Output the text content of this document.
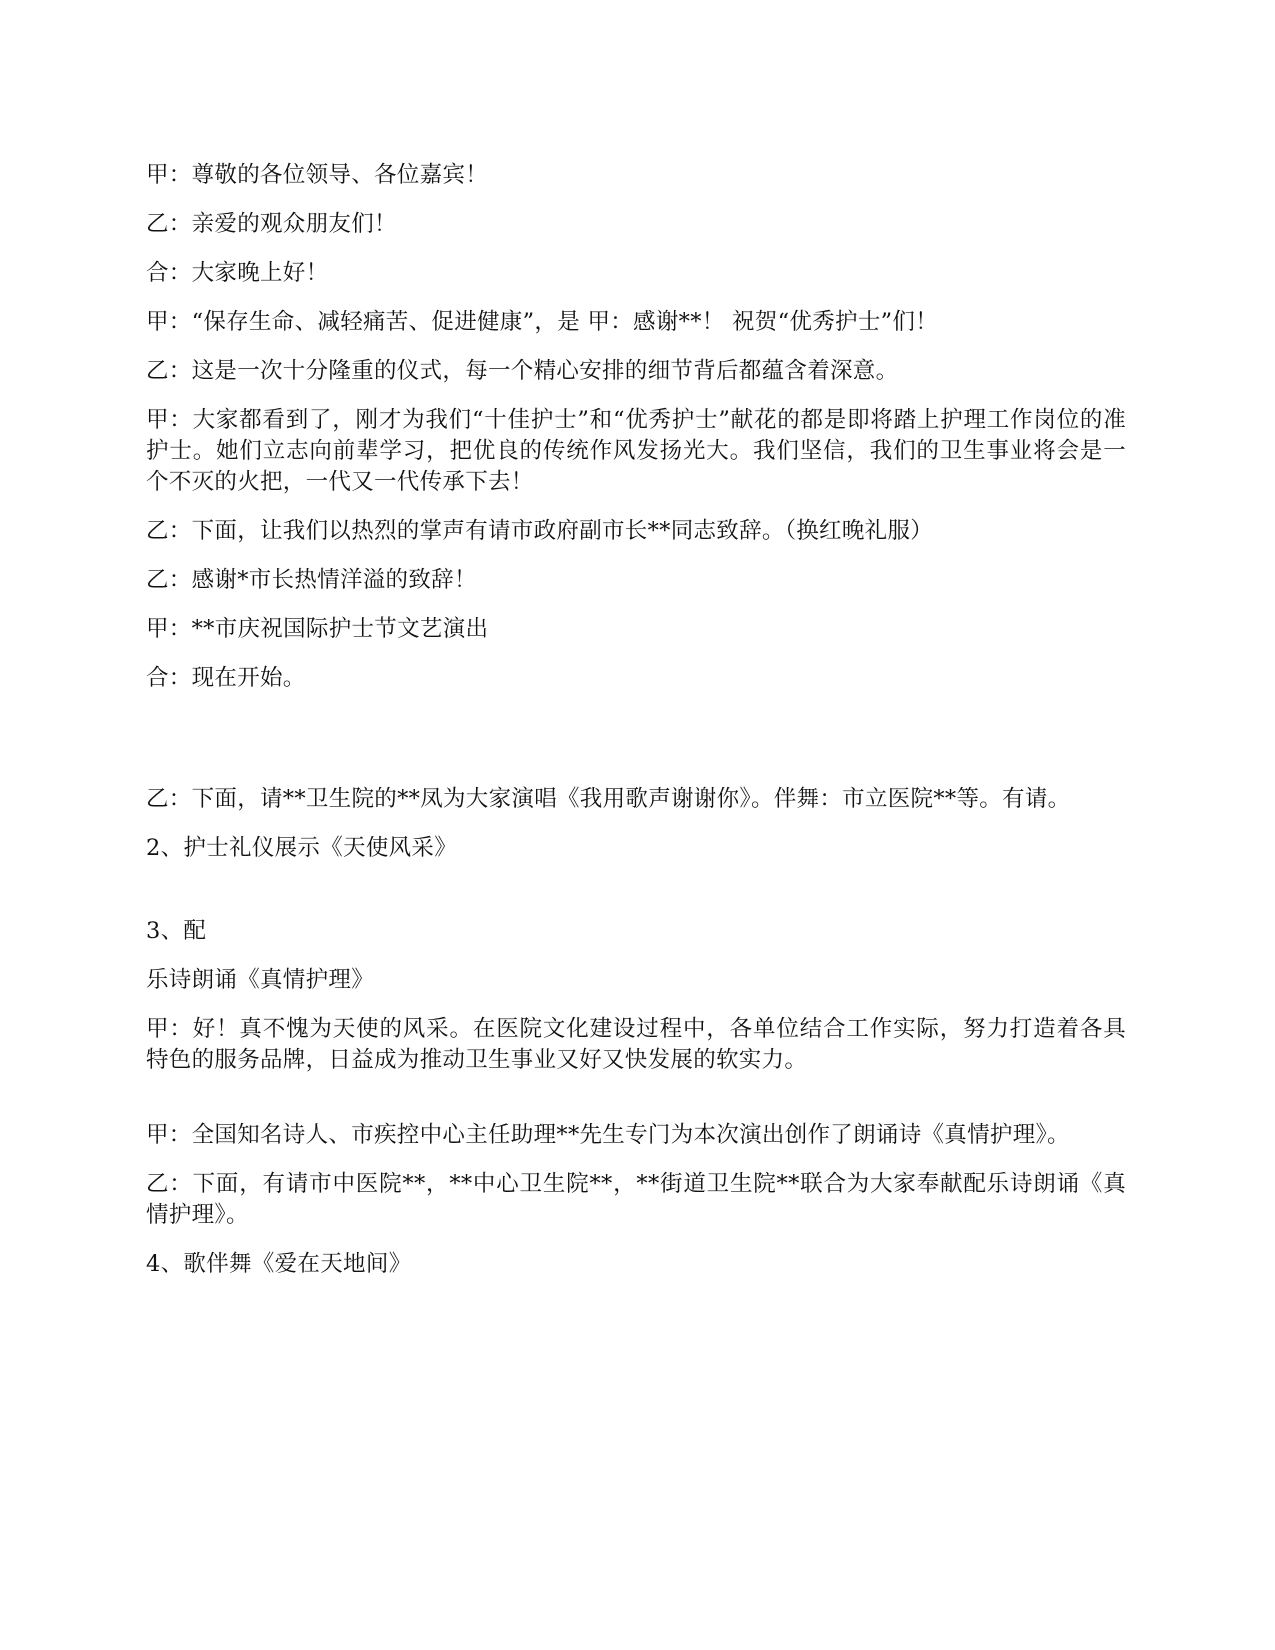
甲：尊敬的各位领导、各位嘉宾！

乙：亲爱的观众朋友们！

合：大家晚上好！

甲：“保存生命、减轻痛苦、促进健康”，是 甲：感谢**！ 祝贺“优秀护士”们！

乙：这是一次十分隆重的仪式，每一个精心安排的细节背后都蕴含着深意。

甲：大家都看到了，刚才为我们“十佳护士”和“优秀护士”献花的都是即将踏上护理工作岗位的准护士。她们立志向前辈学习，把优良的传统作风发扬光大。我们坚信，我们的卫生事业将会是一个不灭的火把，一代又一代传承下去！

乙：下面，让我们以热烈的掌声有请市政府副市长**同志致辞。（换红晚礼服）

乙：感谢*市长热情洋溢的致辞！

甲：**市庆祝国际护士节文艺演出

合：现在开始。

乙：下面，请**卫生院的**凤为大家演唱《我用歌声谢谢你》。伴舞：市立医院**等。有请。

2、护士礼仪展示《天使风采》

3、配

乐诗朗诵《真情护理》

甲：好！真不愧为天使的风采。在医院文化建设过程中，各单位结合工作实际，努力打造着各具特色的服务品牌，日益成为推动卫生事业又好又快发展的软实力。

甲：全国知名诗人、市疾控中心主任助理**先生专门为本次演出创作了朗诵诗《真情护理》。

乙：下面，有请市中医院**，**中心卫生院**，**街道卫生院**联合为大家奉献配乐诗朗诵《真情护理》。

4、歌伴舞《爱在天地间》
